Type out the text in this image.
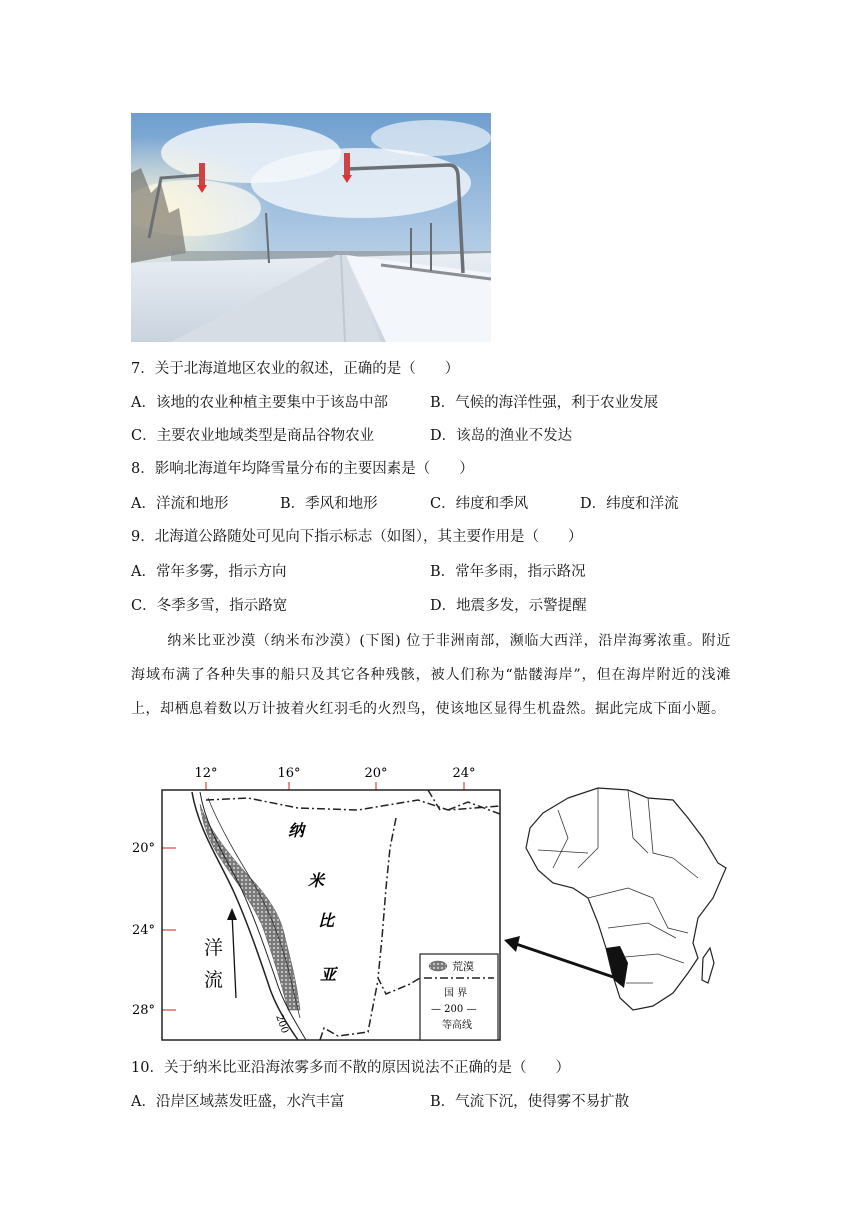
7．关于北海道地区农业的叙述，正确的是（　　）
A．该地的农业种植主要集中于该岛中部	B．气候的海洋性强，利于农业发展
C．主要农业地域类型是商品谷物农业	D．该岛的渔业不发达
8．影响北海道年均降雪量分布的主要因素是（　　）
A．洋流和地形	B．季风和地形	C．纬度和季风	D．纬度和洋流
9．北海道公路随处可见向下指示标志（如图），其主要作用是（　　）
A．常年多雾，指示方向	B．常年多雨，指示路况
C．冬季多雪，指示路宽	D．地震多发，示警提醒
纳米比亚沙漠（纳米布沙漠）(下图) 位于非洲南部，濒临大西洋，沿岸海雾浓重。附近海域布满了各种失事的船只及其它各种残骸，被人们称为“骷髅海岸”，但在海岸附近的浅滩上，却栖息着数以万计披着火红羽毛的火烈鸟，使该地区显得生机盎然。据此完成下面小题。
12°	16°	20°	24°
20°
24°
28°
200
纳
米
比
亚
洋
流
荒漠
国 界
— 200 —
等高线
10．关于纳米比亚沿海浓雾多而不散的原因说法不正确的是（　　）
A．沿岸区域蒸发旺盛，水汽丰富	B．气流下沉，使得雾不易扩散
